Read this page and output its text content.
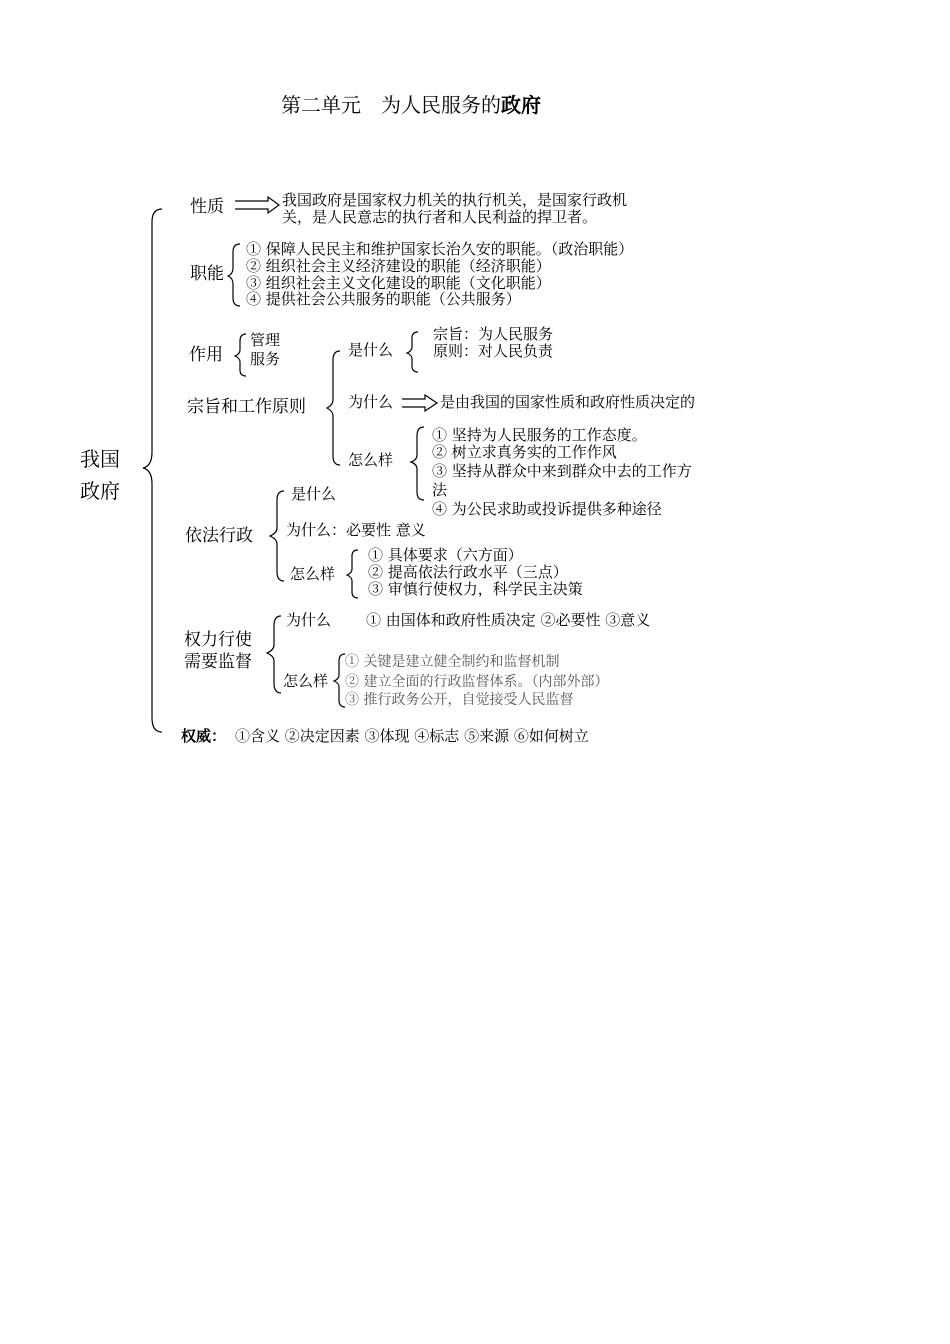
第二单元　为人民服务的政府
我国
政府
性质	我国政府是国家权力机关的执行机关，是国家行政机
关，是人民意志的执行者和人民利益的捍卫者。
职能
① 保障人民民主和维护国家长治久安的职能。（政治职能）
② 组织社会主义经济建设的职能（经济职能）
③ 组织社会主义文化建设的职能（文化职能）
④ 提供社会公共服务的职能（公共服务）
作用
管理
服务
宗旨和工作原则
是什么
宗旨：为人民服务
原则：对人民负责
为什么	是由我国的国家性质和政府性质决定的
怎么样
① 坚持为人民服务的工作态度。
② 树立求真务实的工作作风
③ 坚持从群众中来到群众中去的工作方
法
④ 为公民求助或投诉提供多种途径
依法行政
是什么
为什么：必要性 意义
怎么样
① 具体要求（六方面）
② 提高依法行政水平（三点）
③ 审慎行使权力，科学民主决策
权力行使
需要监督
为什么 ① 由国体和政府性质决定 ②必要性 ③意义
怎么样
① 关键是建立健全制约和监督机制
② 建立全面的行政监督体系。（内部外部）
③ 推行政务公开，自觉接受人民监督
权威： ①含义 ②决定因素 ③体现 ④标志 ⑤来源 ⑥如何树立
